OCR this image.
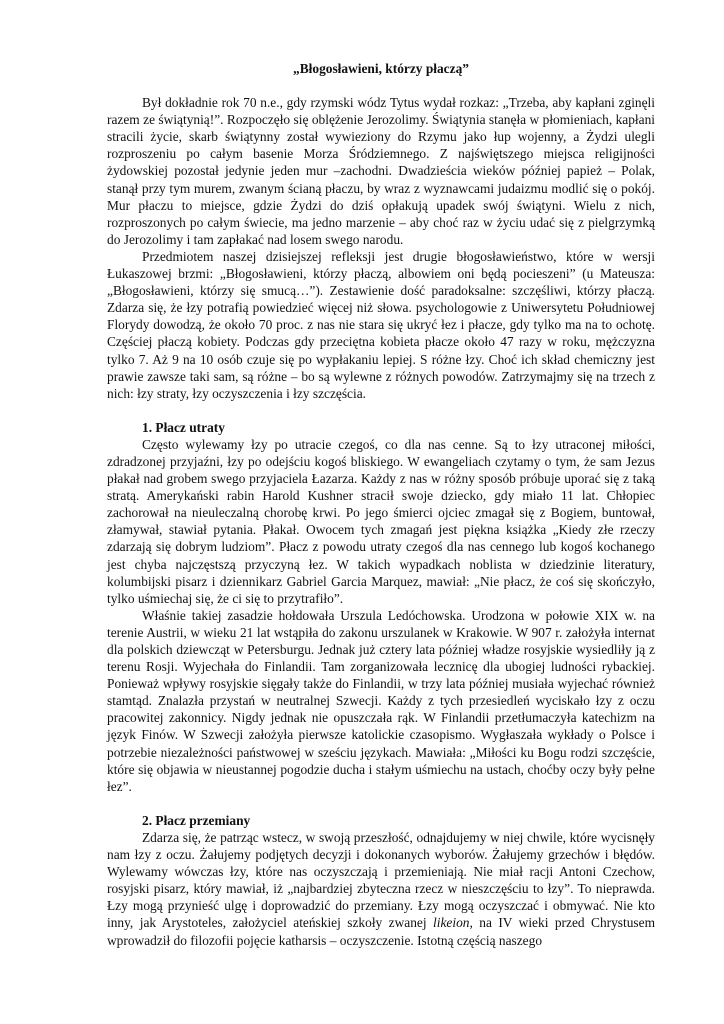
„Błogosławieni, którzy płaczą”

Był dokładnie rok 70 n.e., gdy rzymski wódz Tytus wydał rozkaz: „Trzeba, aby kapłani zginęli razem ze świątynią!”. Rozpoczęło się oblężenie Jerozolimy. Świątynia stanęła w płomieniach, kapłani stracili życie, skarb świątynny został wywieziony do Rzymu jako łup wojenny, a Żydzi ulegli rozproszeniu po całym basenie Morza Śródziemnego. Z najświętszego miejsca religijności żydowskiej pozostał jedynie jeden mur –zachodni. Dwadzieścia wieków później papież – Polak, stanął przy tym murem, zwanym ścianą płaczu, by wraz z wyznawcami judaizmu modlić się o pokój. Mur płaczu to miejsce, gdzie Żydzi do dziś opłakują upadek swój świątyni. Wielu z nich, rozproszonych po całym świecie, ma jedno marzenie – aby choć raz w życiu udać się z pielgrzymką do Jerozolimy i tam zapłakać nad losem swego narodu.

Przedmiotem naszej dzisiejszej refleksji jest drugie błogosławieństwo, które w wersji Łukaszowej brzmi: „Błogosławieni, którzy płaczą, albowiem oni będą pocieszeni” (u Mateusza: „Błogosławieni, którzy się smucą…”). Zestawienie dość paradoksalne: szczęśliwi, którzy płaczą. Zdarza się, że łzy potrafią powiedzieć więcej niż słowa. psychologowie z Uniwersytetu Południowej Florydy dowodzą, że około 70 proc. z nas nie stara się ukryć łez i płacze, gdy tylko ma na to ochotę. Częściej płaczą kobiety. Podczas gdy przeciętna kobieta płacze około 47 razy w roku, mężczyzna tylko 7. Aż 9 na 10 osób czuje się po wypłakaniu lepiej. S różne łzy. Choć ich skład chemiczny jest prawie zawsze taki sam, są różne – bo są wylewne z różnych powodów. Zatrzymajmy się na trzech z nich: łzy straty, łzy oczyszczenia i łzy szczęścia.

1. Płacz utraty

Często wylewamy łzy po utracie czegoś, co dla nas cenne. Są to łzy utraconej miłości, zdradzonej przyjaźni, łzy po odejściu kogoś bliskiego. W ewangeliach czytamy o tym, że sam Jezus płakał nad grobem swego przyjaciela Łazarza. Każdy z nas w różny sposób próbuje uporać się z taką stratą. Amerykański rabin Harold Kushner stracił swoje dziecko, gdy miało 11 lat. Chłopiec zachorował na nieuleczalną chorobę krwi. Po jego śmierci ojciec zmagał się z Bogiem, buntował, złamywał, stawiał pytania. Płakał. Owocem tych zmagań jest piękna książka „Kiedy złe rzeczy zdarzają się dobrym ludziom”. Płacz z powodu utraty czegoś dla nas cennego lub kogoś kochanego jest chyba najczęstszą przyczyną łez. W takich wypadkach noblista w dziedzinie literatury, kolumbijski pisarz i dziennikarz Gabriel Garcia Marquez, mawiał: „Nie płacz, że coś się skończyło, tylko uśmiechaj się, że ci się to przytrafiło”.

Właśnie takiej zasadzie hołdowała Urszula Ledóchowska. Urodzona w połowie XIX w. na terenie Austrii, w wieku 21 lat wstąpiła do zakonu urszulanek w Krakowie. W 907 r. założyła internat dla polskich dziewcząt w Petersburgu. Jednak już cztery lata później władze rosyjskie wysiedliły ją z terenu Rosji. Wyjechała do Finlandii. Tam zorganizowała lecznicę dla ubogiej ludności rybackiej. Ponieważ wpływy rosyjskie sięgały także do Finlandii, w trzy lata później musiała wyjechać również stamtąd. Znalazła przystań w neutralnej Szwecji. Każdy z tych przesiedleń wyciskało łzy z oczu pracowitej zakonnicy. Nigdy jednak nie opuszczała rąk. W Finlandii przetłumaczyła katechizm na język Finów. W Szwecji założyła pierwsze katolickie czasopismo. Wygłaszała wykłady o Polsce i potrzebie niezależności państwowej w sześciu językach. Mawiała: „Miłości ku Bogu rodzi szczęście, które się objawia w nieustannej pogodzie ducha i stałym uśmiechu na ustach, choćby oczy były pełne łez”.

2. Płacz przemiany

Zdarza się, że patrząc wstecz, w swoją przeszłość, odnajdujemy w niej chwile, które wycisnęły nam łzy z oczu. Żałujemy podjętych decyzji i dokonanych wyborów. Żałujemy grzechów i błędów. Wylewamy wówczas łzy, które nas oczyszczają i przemieniają. Nie miał racji Antoni Czechow, rosyjski pisarz, który mawiał, iż „najbardziej zbyteczna rzecz w nieszczęściu to łzy”. To nieprawda. Łzy mogą przynieść ulgę i doprowadzić do przemiany. Łzy mogą oczyszczać i obmywać. Nie kto inny, jak Arystoteles, założyciel ateńskiej szkoły zwanej likeion, na IV wieki przed Chrystusem wprowadził do filozofii pojęcie katharsis – oczyszczenie. Istotną częścią naszego
